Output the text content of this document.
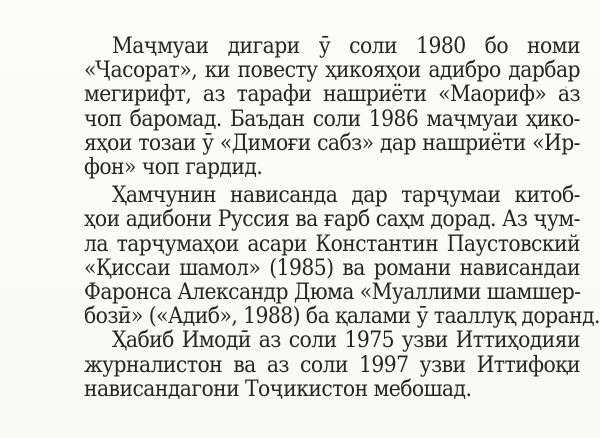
Маҷмуаи дигари ӯ соли 1980 бо номи
«Ҷасорат», ки повесту ҳикояҳои адибро дарбар
мегирифт, аз тарафи нашриёти «Маориф» аз
чоп баромад. Баъдан соли 1986 маҷмуаи ҳико-
яҳои тозаи ӯ «Димоғи сабз» дар нашриёти «Ир-
фон» чоп гардид.

Ҳамчунин нависанда дар тарҷумаи китоб-
ҳои адибони Руссия ва ғарб саҳм дорад. Аз ҷум-
ла тарҷумаҳои асари Константин Паустовский
«Қиссаи шамол» (1985) ва романи нависандаи
Фаронса Александр Дюма «Муаллими шамшер-
бозӣ» («Адиб», 1988) ба қалами ӯ тааллуқ доранд.

Ҳабиб Имодӣ аз соли 1975 узви Иттиҳодияи
журналистон ва аз соли 1997 узви Иттифоқи
нависандагони Тоҷикистон мебошад.
